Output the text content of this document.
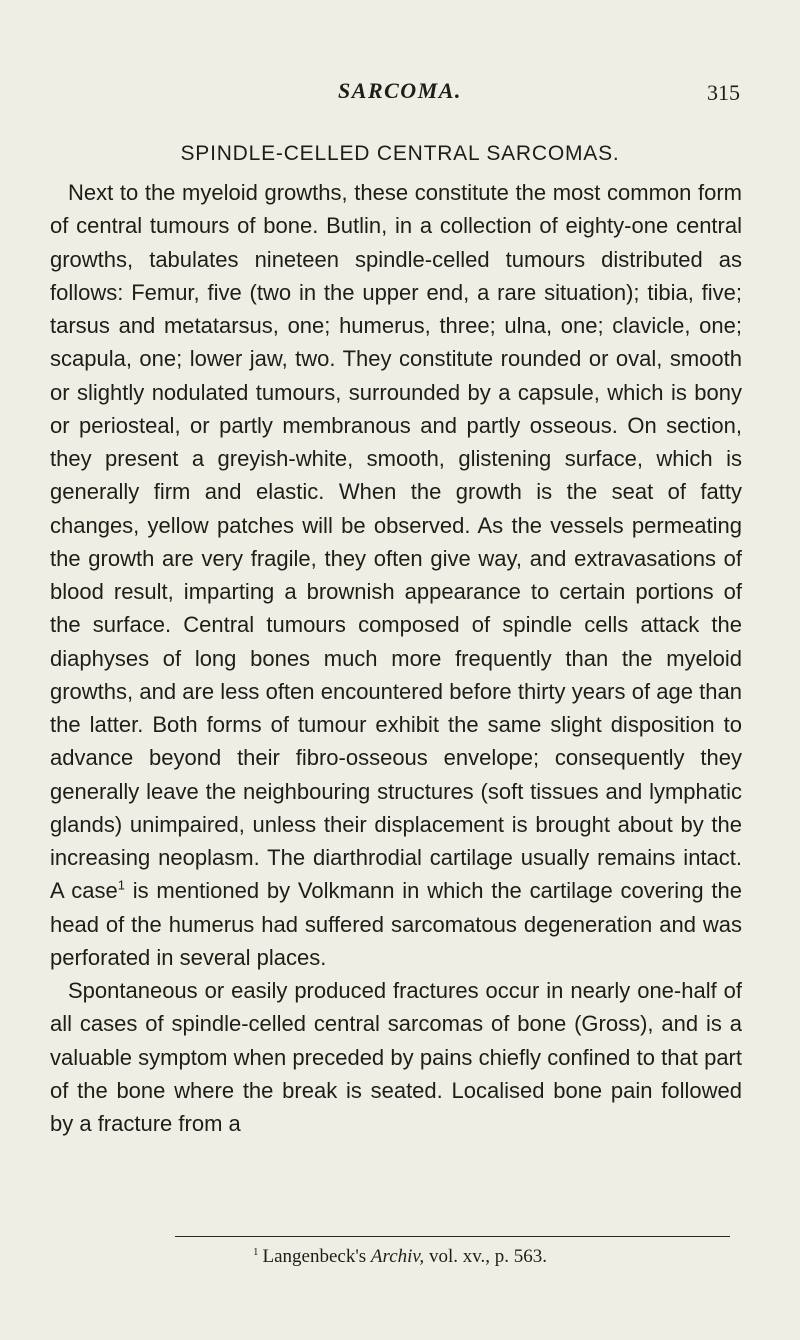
SARCOMA.	315
SPINDLE-CELLED CENTRAL SARCOMAS.

Next to the myeloid growths, these constitute the most common form of central tumours of bone. Butlin, in a collection of eighty-one central growths, tabulates nineteen spindle-celled tumours distributed as follows: Femur, five (two in the upper end, a rare situation); tibia, five; tarsus and metatarsus, one; humerus, three; ulna, one; clavicle, one; scapula, one; lower jaw, two. They constitute rounded or oval, smooth or slightly nodulated tumours, surrounded by a capsule, which is bony or periosteal, or partly membranous and partly osseous. On section, they present a greyish-white, smooth, glistening surface, which is generally firm and elastic. When the growth is the seat of fatty changes, yellow patches will be observed. As the vessels permeating the growth are very fragile, they often give way, and extravasations of blood result, imparting a brownish appearance to certain portions of the surface. Central tumours composed of spindle cells attack the diaphyses of long bones much more frequently than the myeloid growths, and are less often encountered before thirty years of age than the latter. Both forms of tumour exhibit the same slight disposition to advance beyond their fibro-osseous envelope; consequently they generally leave the neighbouring structures (soft tissues and lymphatic glands) unimpaired, unless their displacement is brought about by the increasing neoplasm. The diarthrodial cartilage usually remains intact. A case$^1$ is mentioned by Volkmann in which the cartilage covering the head of the humerus had suffered sarcomatous degeneration and was perforated in several places.

Spontaneous or easily produced fractures occur in nearly one-half of all cases of spindle-celled central sarcomas of bone (Gross), and is a valuable symptom when preceded by pains chiefly confined to that part of the bone where the break is seated. Localised bone pain followed by a fracture from a

$^1$ Langenbeck's Archiv, vol. xv., p. 563.
